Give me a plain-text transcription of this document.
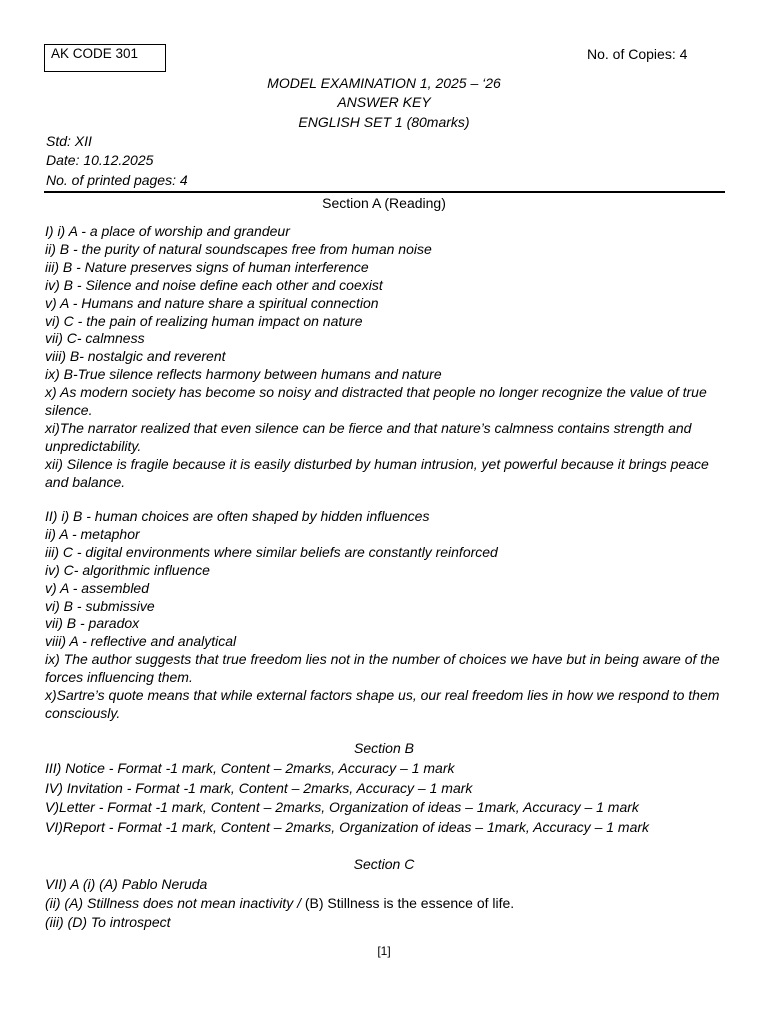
AK CODE 301	No. of Copies: 4
MODEL EXAMINATION 1, 2025 – ‘26
ANSWER KEY
ENGLISH SET 1 (80marks)
Std: XII
Date: 10.12.2025
No. of printed pages: 4
Section A (Reading)
I) i) A - a place of worship and grandeur
ii) B - the purity of natural soundscapes free from human noise
iii) B - Nature preserves signs of human interference
iv) B - Silence and noise define each other and coexist
v) A - Humans and nature share a spiritual connection
vi) C - the pain of realizing human impact on nature
vii) C- calmness
viii) B- nostalgic and reverent
ix) B-True silence reflects harmony between humans and nature
x) As modern society has become so noisy and distracted that people no longer recognize the value of true silence.
xi)The narrator realized that even silence can be fierce and that nature’s calmness contains strength and unpredictability.
xii) Silence is fragile because it is easily disturbed by human intrusion, yet powerful because it brings peace and balance.
II) i) B - human choices are often shaped by hidden influences
ii) A - metaphor
iii) C - digital environments where similar beliefs are constantly reinforced
iv) C- algorithmic influence
v) A - assembled
vi) B - submissive
vii) B - paradox
viii) A - reflective and analytical
ix) The author suggests that true freedom lies not in the number of choices we have but in being aware of the forces influencing them.
x)Sartre’s quote means that while external factors shape us, our real freedom lies in how we respond to them consciously.
Section B
III) Notice - Format -1 mark, Content – 2marks, Accuracy – 1 mark
IV) Invitation - Format -1 mark, Content – 2marks, Accuracy – 1 mark
V)Letter - Format -1 mark, Content – 2marks, Organization of ideas – 1mark, Accuracy – 1 mark
VI)Report - Format -1 mark, Content – 2marks, Organization of ideas – 1mark, Accuracy – 1 mark
Section C
VII) A (i) (A) Pablo Neruda
(ii) (A) Stillness does not mean inactivity / (B) Stillness is the essence of life.
(iii) (D) To introspect
[1]
